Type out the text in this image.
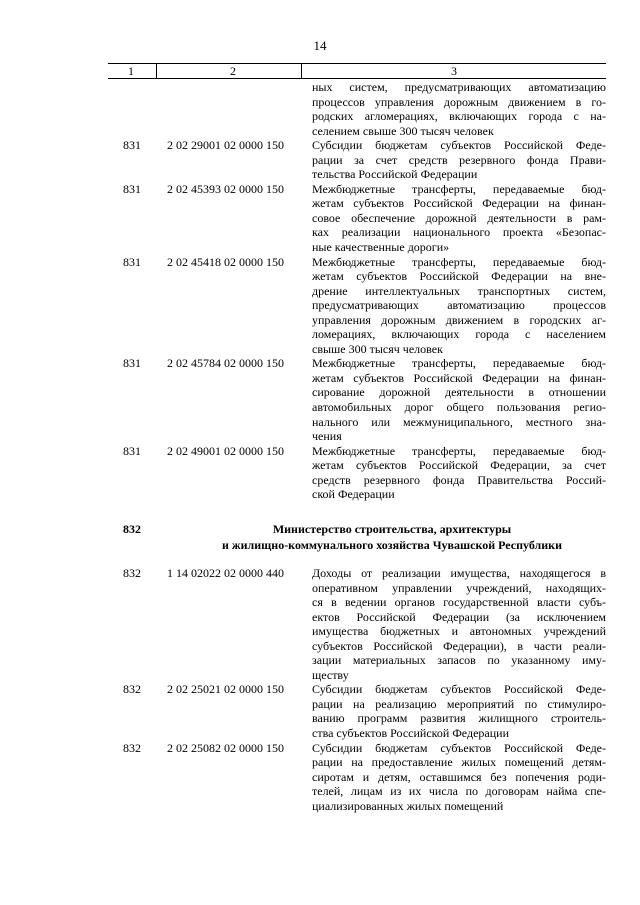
14
1	2	3
ных систем, предусматривающих автоматизацию
процессов управления дорожным движением в го-
родских агломерациях, включающих города с на-
селением свыше 300 тысяч человек
831	2 02 29001 02 0000 150	Субсидии бюджетам субъектов Российской Феде-
рации за счет средств резервного фонда Прави-
тельства Российской Федерации
831	2 02 45393 02 0000 150	Межбюджетные трансферты, передаваемые бюд-
жетам субъектов Российской Федерации на финан-
совое обеспечение дорожной деятельности в рам-
ках реализации национального проекта «Безопас-
ные качественные дороги»
831	2 02 45418 02 0000 150	Межбюджетные трансферты, передаваемые бюд-
жетам субъектов Российской Федерации на вне-
дрение интеллектуальных транспортных систем,
предусматривающих автоматизацию процессов
управления дорожным движением в городских аг-
ломерациях, включающих города с населением
свыше 300 тысяч человек
831	2 02 45784 02 0000 150	Межбюджетные трансферты, передаваемые бюд-
жетам субъектов Российской Федерации на финан-
сирование дорожной деятельности в отношении
автомобильных дорог общего пользования регио-
нального или межмуниципального, местного зна-
чения
831	2 02 49001 02 0000 150	Межбюджетные трансферты, передаваемые бюд-
жетам субъектов Российской Федерации, за счет
средств резервного фонда Правительства Россий-
ской Федерации
832	Министерство строительства, архитектуры
и жилищно-коммунального хозяйства Чувашской Республики
832	1 14 02022 02 0000 440	Доходы от реализации имущества, находящегося в
оперативном управлении учреждений, находящих-
ся в ведении органов государственной власти субъ-
ектов Российской Федерации (за исключением
имущества бюджетных и автономных учреждений
субъектов Российской Федерации), в части реали-
зации материальных запасов по указанному иму-
ществу
832	2 02 25021 02 0000 150	Субсидии бюджетам субъектов Российской Феде-
рации на реализацию мероприятий по стимулиро-
ванию программ развития жилищного строитель-
ства субъектов Российской Федерации
832	2 02 25082 02 0000 150	Субсидии бюджетам субъектов Российской Феде-
рации на предоставление жилых помещений детям-
сиротам и детям, оставшимся без попечения роди-
телей, лицам из их числа по договорам найма спе-
циализированных жилых помещений
